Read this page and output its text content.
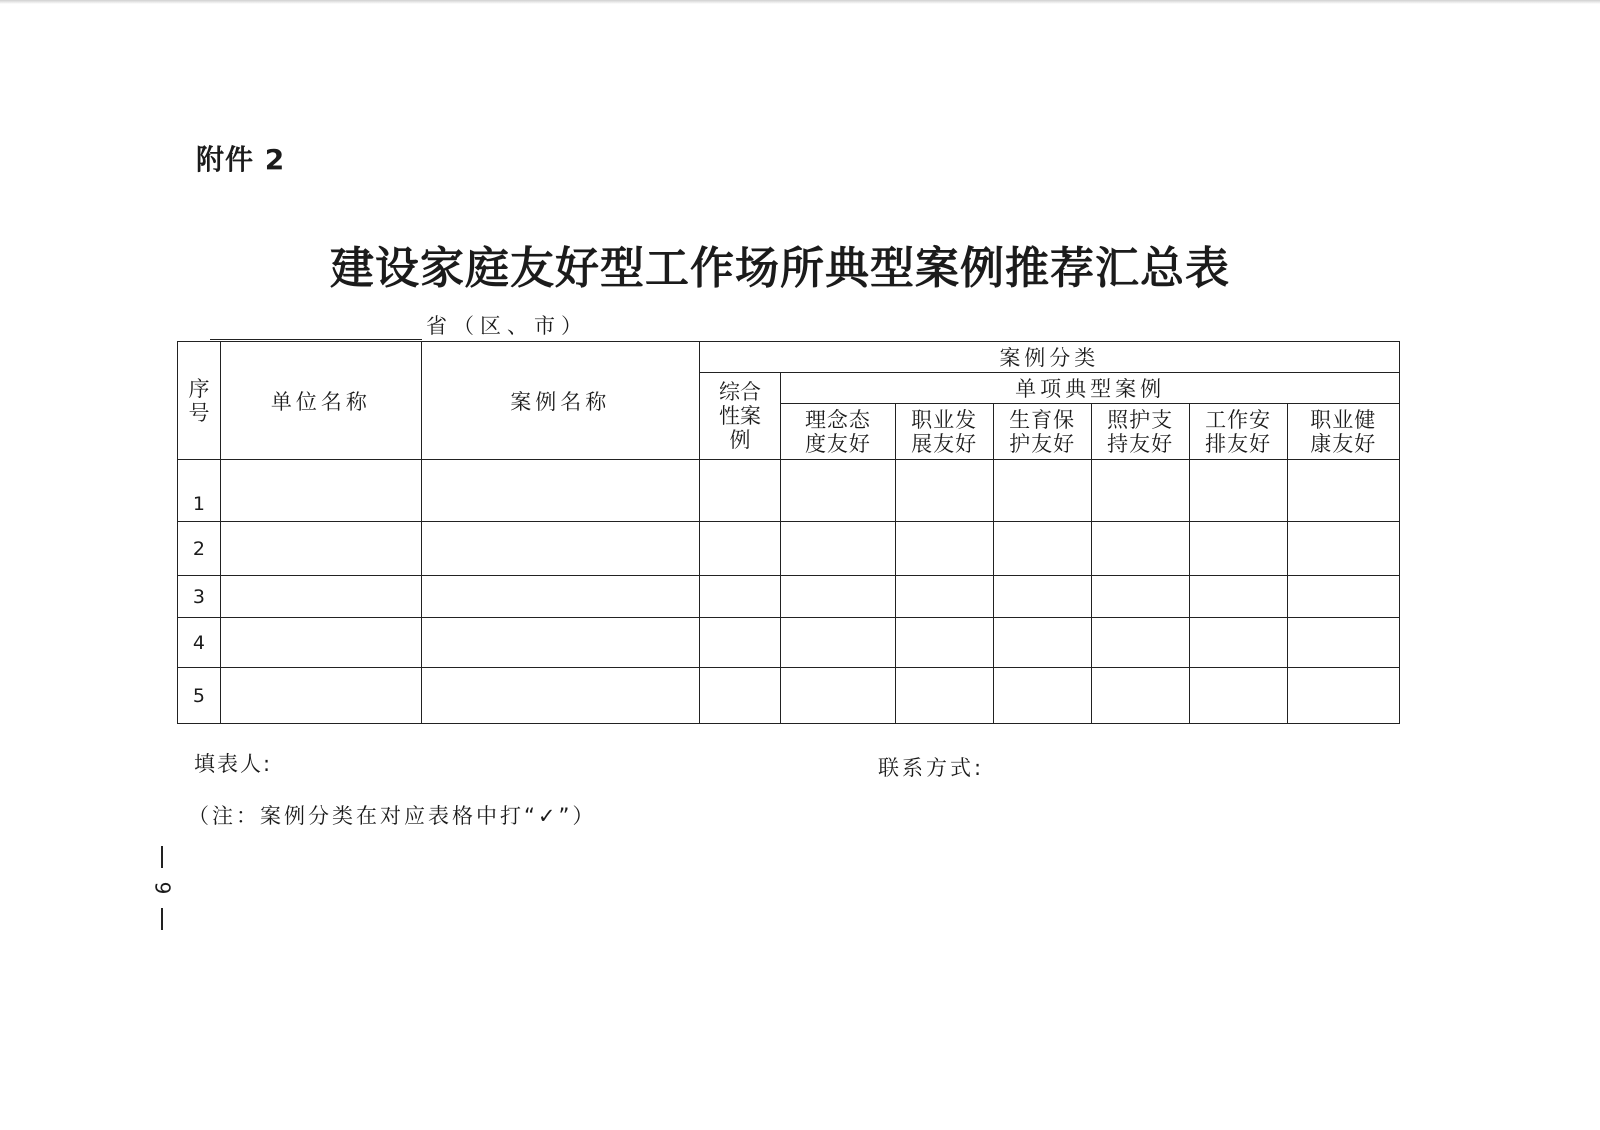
附件 2
建设家庭友好型工作场所典型案例推荐汇总表
省（区、市）
序号	单位名称	案例名称	案例分类						

			综合性案例	单项典型案例					

				理念态度友好	职业发展友好	生育保护友好	照护支持友好	工作安排友好	职业健康友好

1									
2									
3									
4									
5									
填表人:	联系方式:
（注：案例分类在对应表格中打“✓”）
9
